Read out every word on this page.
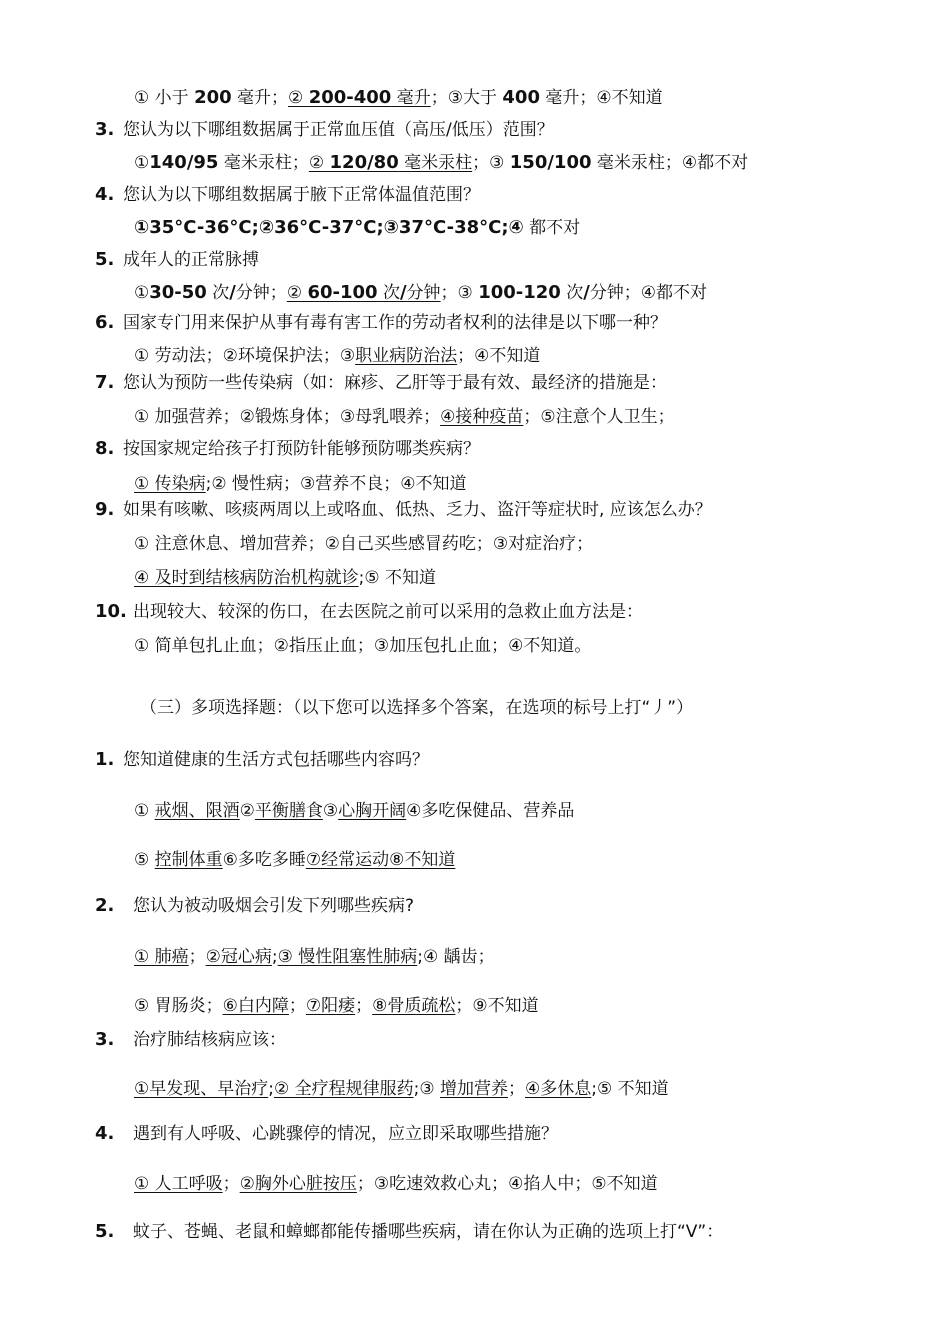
① 小于 200 毫升；② 200-400 毫升；③大于 400 毫升；④不知道
3. 您认为以下哪组数据属于正常血压值（高压/低压）范围？
①140/95 毫米汞柱；② 120/80 毫米汞柱；③ 150/100 毫米汞柱；④都不对
4. 您认为以下哪组数据属于腋下正常体温值范围？
①35°C-36°C;②36°C-37°C;③37°C-38°C;④ 都不对
5. 成年人的正常脉搏
①30-50 次/分钟；② 60-100 次/分钟；③ 100-120 次/分钟；④都不对
6. 国家专门用来保护从事有毒有害工作的劳动者权利的法律是以下哪一种？
① 劳动法；②环境保护法；③职业病防治法；④不知道
7. 您认为预防一些传染病（如：麻疹、乙肝等于最有效、最经济的措施是：
① 加强营养；②锻炼身体；③母乳喂养；④接种疫苗；⑤注意个人卫生；
8. 按国家规定给孩子打预防针能够预防哪类疾病？
① 传染病;② 慢性病；③营养不良；④不知道
9. 如果有咳嗽、咳痰两周以上或咯血、低热、乏力、盗汗等症状时, 应该怎么办？
① 注意休息、增加营养；②自己买些感冒药吃；③对症治疗；
④ 及时到结核病防治机构就诊;⑤ 不知道
10. 出现较大、较深的伤口，在去医院之前可以采用的急救止血方法是：
① 简单包扎止血；②指压止血；③加压包扎止血；④不知道。
（三）多项选择题：（以下您可以选择多个答案，在选项的标号上打“丿”）
1. 您知道健康的生活方式包括哪些内容吗？
① 戒烟、限酒②平衡膳食③心胸开阔④多吃保健品、营养品
⑤ 控制体重⑥多吃多睡⑦经常运动⑧不知道
2. 您认为被动吸烟会引发下列哪些疾病?
① 肺癌；②冠心病;③ 慢性阻塞性肺病;④ 龋齿；
⑤ 胃肠炎；⑥白内障；⑦阳痿；⑧骨质疏松；⑨不知道
3. 治疗肺结核病应该：
①早发现、早治疗;② 全疗程规律服药;③ 增加营养；④多休息;⑤ 不知道
4. 遇到有人呼吸、心跳骤停的情况，应立即采取哪些措施？
① 人工呼吸；②胸外心脏按压；③吃速效救心丸；④掐人中；⑤不知道
5. 蚊子、苍蝇、老鼠和蟑螂都能传播哪些疾病，请在你认为正确的选项上打“V”：
